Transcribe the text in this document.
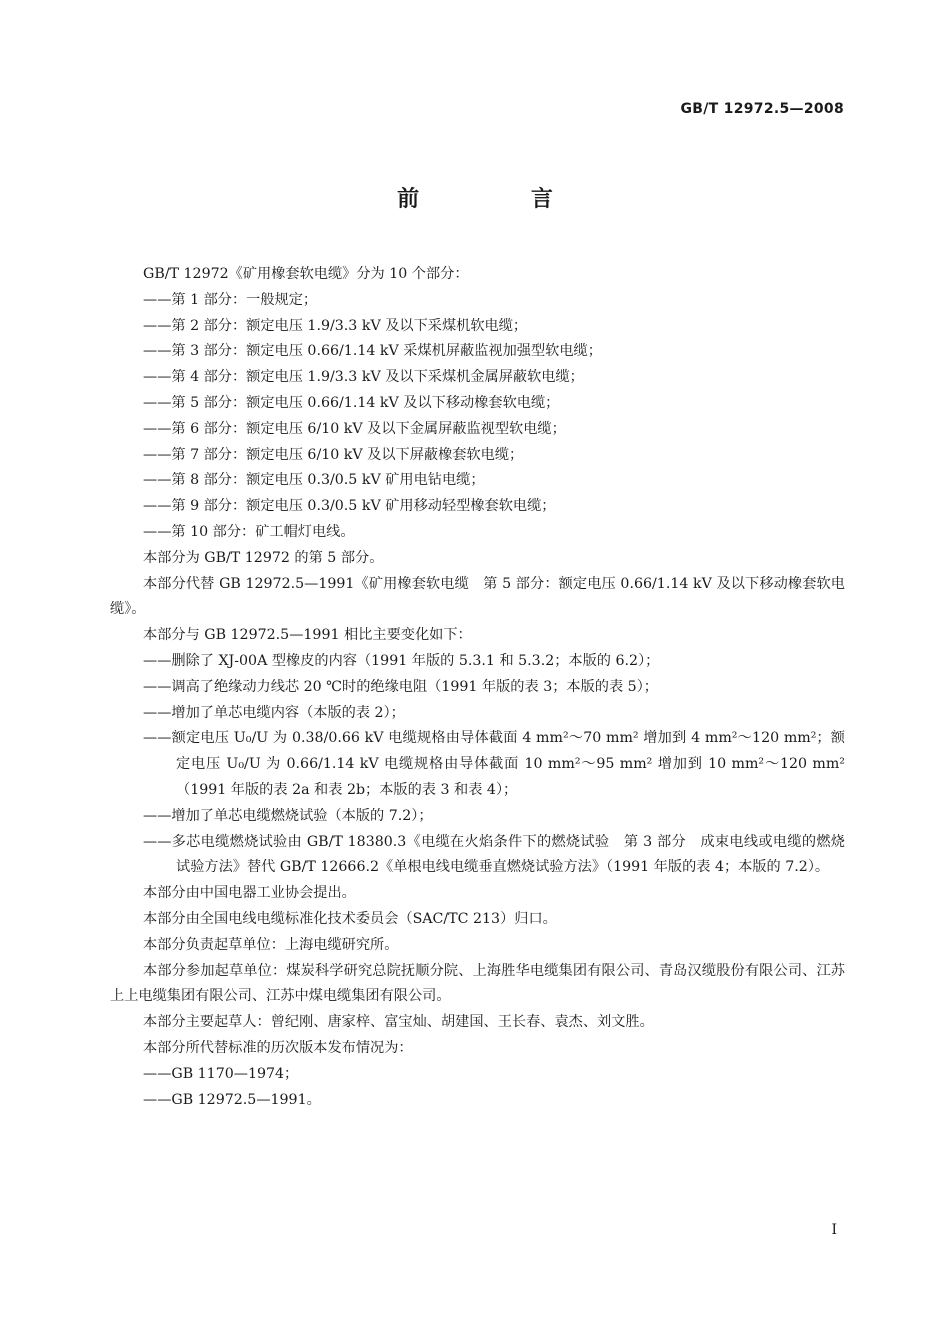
GB/T 12972.5—2008
前 言
GB/T 12972《矿用橡套软电缆》分为 10 个部分：
——第 1 部分：一般规定；
——第 2 部分：额定电压 1.9/3.3 kV 及以下采煤机软电缆；
——第 3 部分：额定电压 0.66/1.14 kV 采煤机屏蔽监视加强型软电缆；
——第 4 部分：额定电压 1.9/3.3 kV 及以下采煤机金属屏蔽软电缆；
——第 5 部分：额定电压 0.66/1.14 kV 及以下移动橡套软电缆；
——第 6 部分：额定电压 6/10 kV 及以下金属屏蔽监视型软电缆；
——第 7 部分：额定电压 6/10 kV 及以下屏蔽橡套软电缆；
——第 8 部分：额定电压 0.3/0.5 kV 矿用电钻电缆；
——第 9 部分：额定电压 0.3/0.5 kV 矿用移动轻型橡套软电缆；
——第 10 部分：矿工帽灯电线。
本部分为 GB/T 12972 的第 5 部分。
本部分代替 GB 12972.5—1991《矿用橡套软电缆　第 5 部分：额定电压 0.66/1.14 kV 及以下移动橡套软电缆》。
本部分与 GB 12972.5—1991 相比主要变化如下：
——删除了 XJ-00A 型橡皮的内容（1991 年版的 5.3.1 和 5.3.2；本版的 6.2）；
——调高了绝缘动力线芯 20 ℃时的绝缘电阻（1991 年版的表 3；本版的表 5）；
——增加了单芯电缆内容（本版的表 2）；
——额定电压 U₀/U 为 0.38/0.66 kV 电缆规格由导体截面 4 mm²～70 mm² 增加到 4 mm²～120 mm²；额定电压 U₀/U 为 0.66/1.14 kV 电缆规格由导体截面 10 mm²～95 mm² 增加到 10 mm²～120 mm²（1991 年版的表 2a 和表 2b；本版的表 3 和表 4）；
——增加了单芯电缆燃烧试验（本版的 7.2）；
——多芯电缆燃烧试验由 GB/T 18380.3《电缆在火焰条件下的燃烧试验　第 3 部分　成束电线或电缆的燃烧试验方法》替代 GB/T 12666.2《单根电线电缆垂直燃烧试验方法》（1991 年版的表 4；本版的 7.2）。
本部分由中国电器工业协会提出。
本部分由全国电线电缆标准化技术委员会（SAC/TC 213）归口。
本部分负责起草单位：上海电缆研究所。
本部分参加起草单位：煤炭科学研究总院抚顺分院、上海胜华电缆集团有限公司、青岛汉缆股份有限公司、江苏上上电缆集团有限公司、江苏中煤电缆集团有限公司。
本部分主要起草人：曾纪刚、唐家梓、富宝灿、胡建国、王长春、袁杰、刘文胜。
本部分所代替标准的历次版本发布情况为：
——GB 1170—1974；
——GB 12972.5—1991。
I
